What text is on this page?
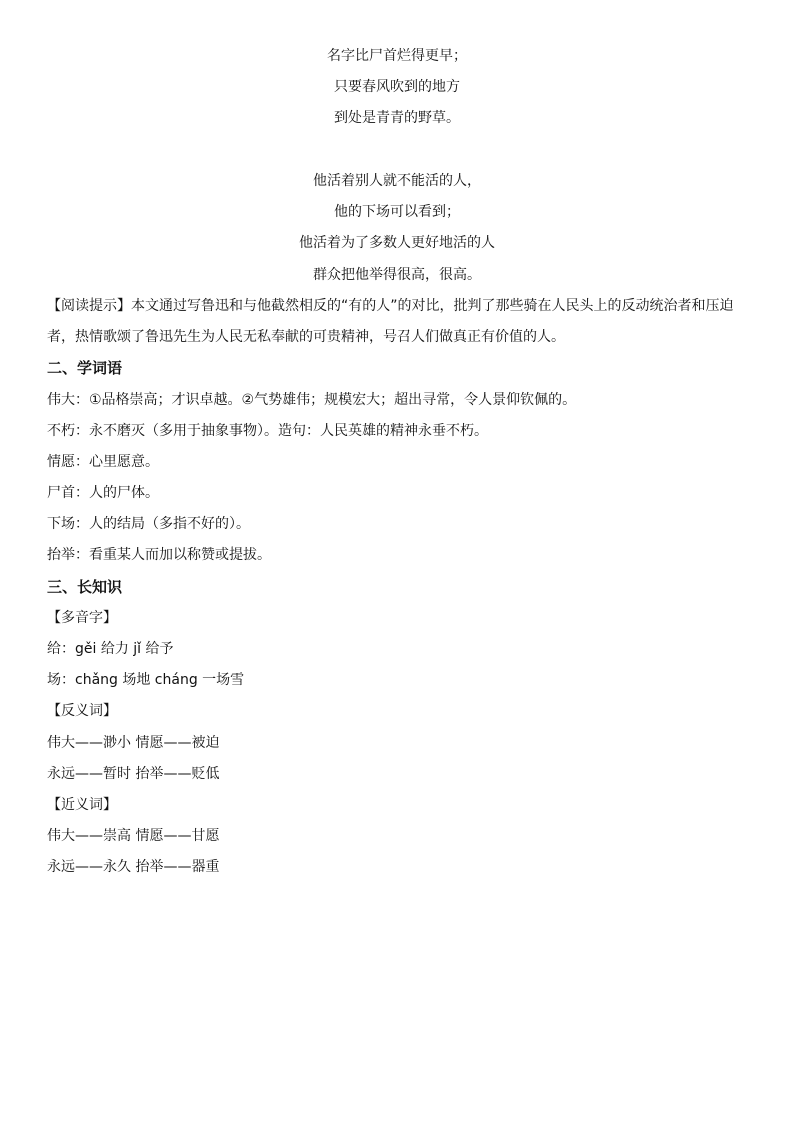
名字比尸首烂得更早；
只要春风吹到的地方
到处是青青的野草。
他活着别人就不能活的人，
他的下场可以看到；
他活着为了多数人更好地活的人
群众把他举得很高，很高。
【阅读提示】本文通过写鲁迅和与他截然相反的“有的人”的对比，批判了那些骑在人民头上的反动统治者和压迫
者，热情歌颂了鲁迅先生为人民无私奉献的可贵精神，号召人们做真正有价值的人。
二、学词语
伟大：①品格崇高；才识卓越。②气势雄伟；规模宏大；超出寻常，令人景仰钦佩的。
不朽：永不磨灭（多用于抽象事物）。造句：人民英雄的精神永垂不朽。
情愿：心里愿意。
尸首：人的尸体。
下场：人的结局（多指不好的）。
抬举：看重某人而加以称赞或提拔。
三、长知识
【多音字】
给：gěi 给力 jǐ 给予
场：chǎng 场地 cháng 一场雪
【反义词】
伟大——渺小 情愿——被迫
永远——暂时 抬举——贬低
【近义词】
伟大——崇高 情愿——甘愿
永远——永久 抬举——器重
